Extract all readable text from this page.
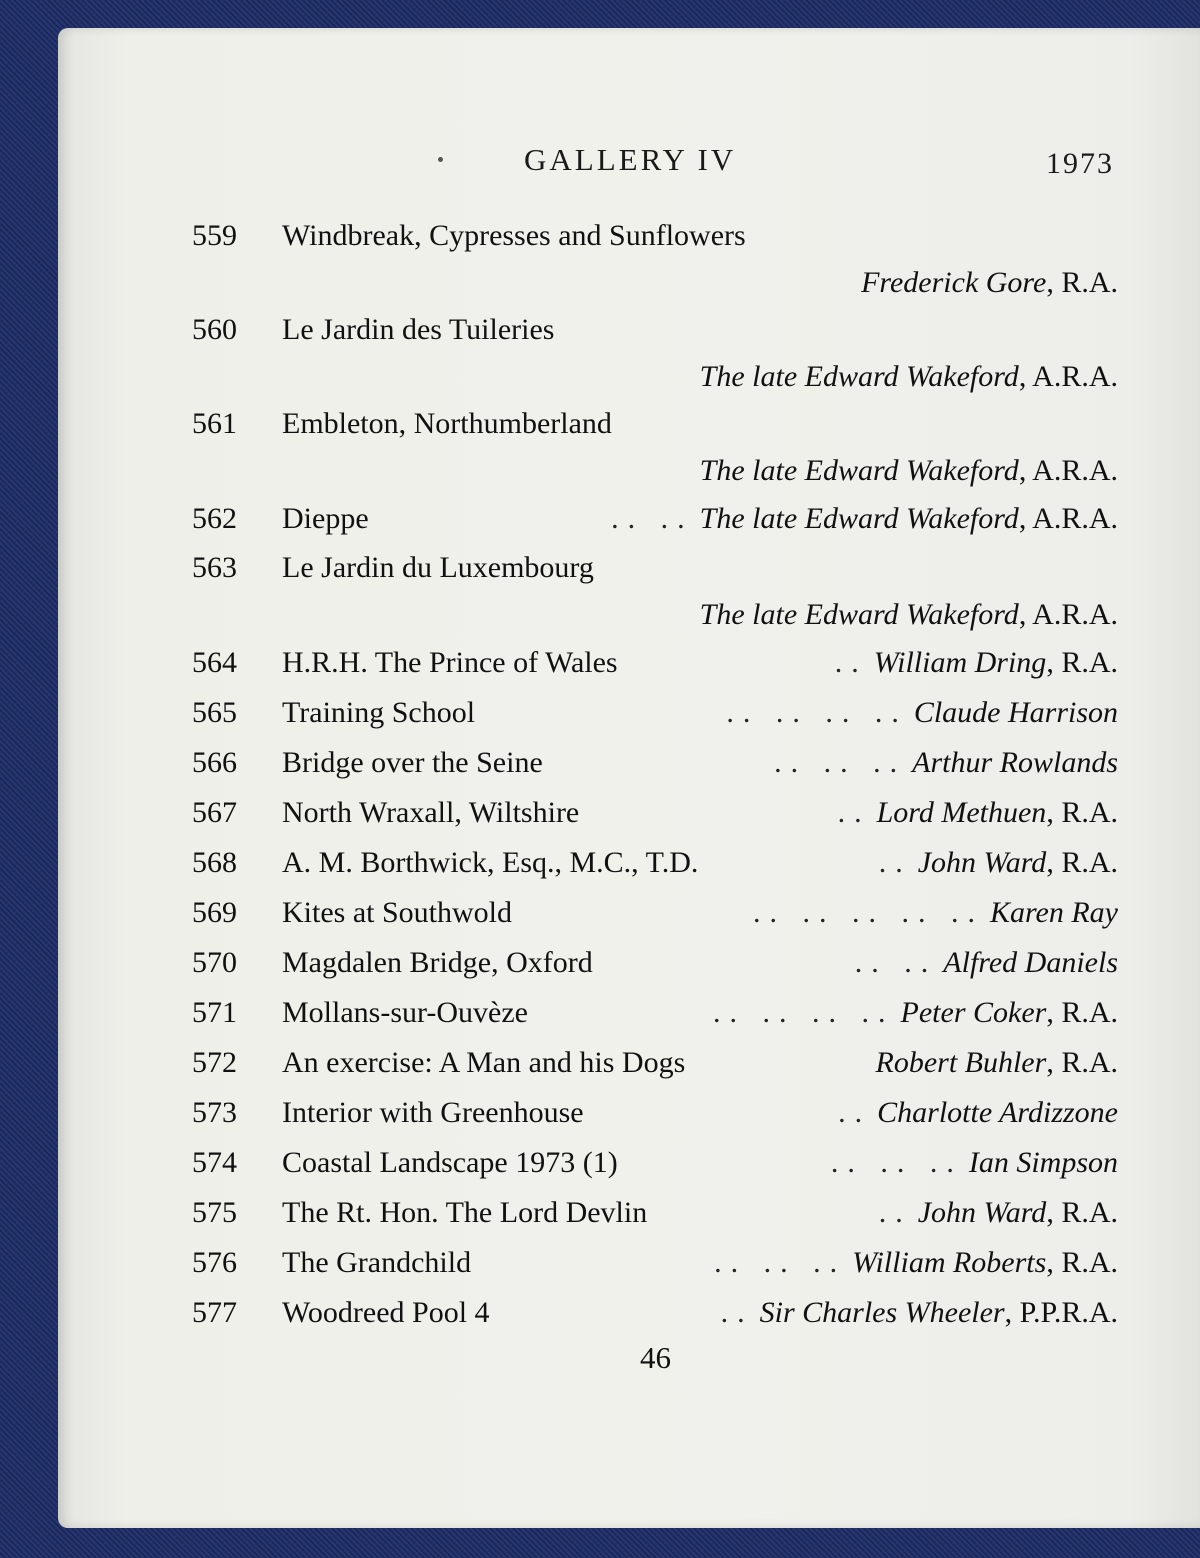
GALLERY IV	1973
559	Windbreak, Cypresses and Sunflowers
Frederick Gore, R.A.
560	Le Jardin des Tuileries
The late Edward Wakeford, A.R.A.
561	Embleton, Northumberland
The late Edward Wakeford, A.R.A.
562	Dieppe	.. .. The late Edward Wakeford, A.R.A.
563	Le Jardin du Luxembourg
The late Edward Wakeford, A.R.A.
564	H.R.H. The Prince of Wales	.. William Dring, R.A.
565	Training School	.. .. .. .. Claude Harrison
566	Bridge over the Seine	.. .. .. Arthur Rowlands
567	North Wraxall, Wiltshire	.. Lord Methuen, R.A.
568	A. M. Borthwick, Esq., M.C., T.D.	.. John Ward, R.A.
569	Kites at Southwold	.. .. .. .. .. Karen Ray
570	Magdalen Bridge, Oxford	.. .. Alfred Daniels
571	Mollans-sur-Ouvèze	.. .. .. .. Peter Coker, R.A.
572	An exercise: A Man and his Dogs	Robert Buhler, R.A.
573	Interior with Greenhouse	.. Charlotte Ardizzone
574	Coastal Landscape 1973 (1)	.. .. .. Ian Simpson
575	The Rt. Hon. The Lord Devlin	.. John Ward, R.A.
576	The Grandchild	.. .. .. William Roberts, R.A.
577	Woodreed Pool 4	.. Sir Charles Wheeler, P.P.R.A.
46
